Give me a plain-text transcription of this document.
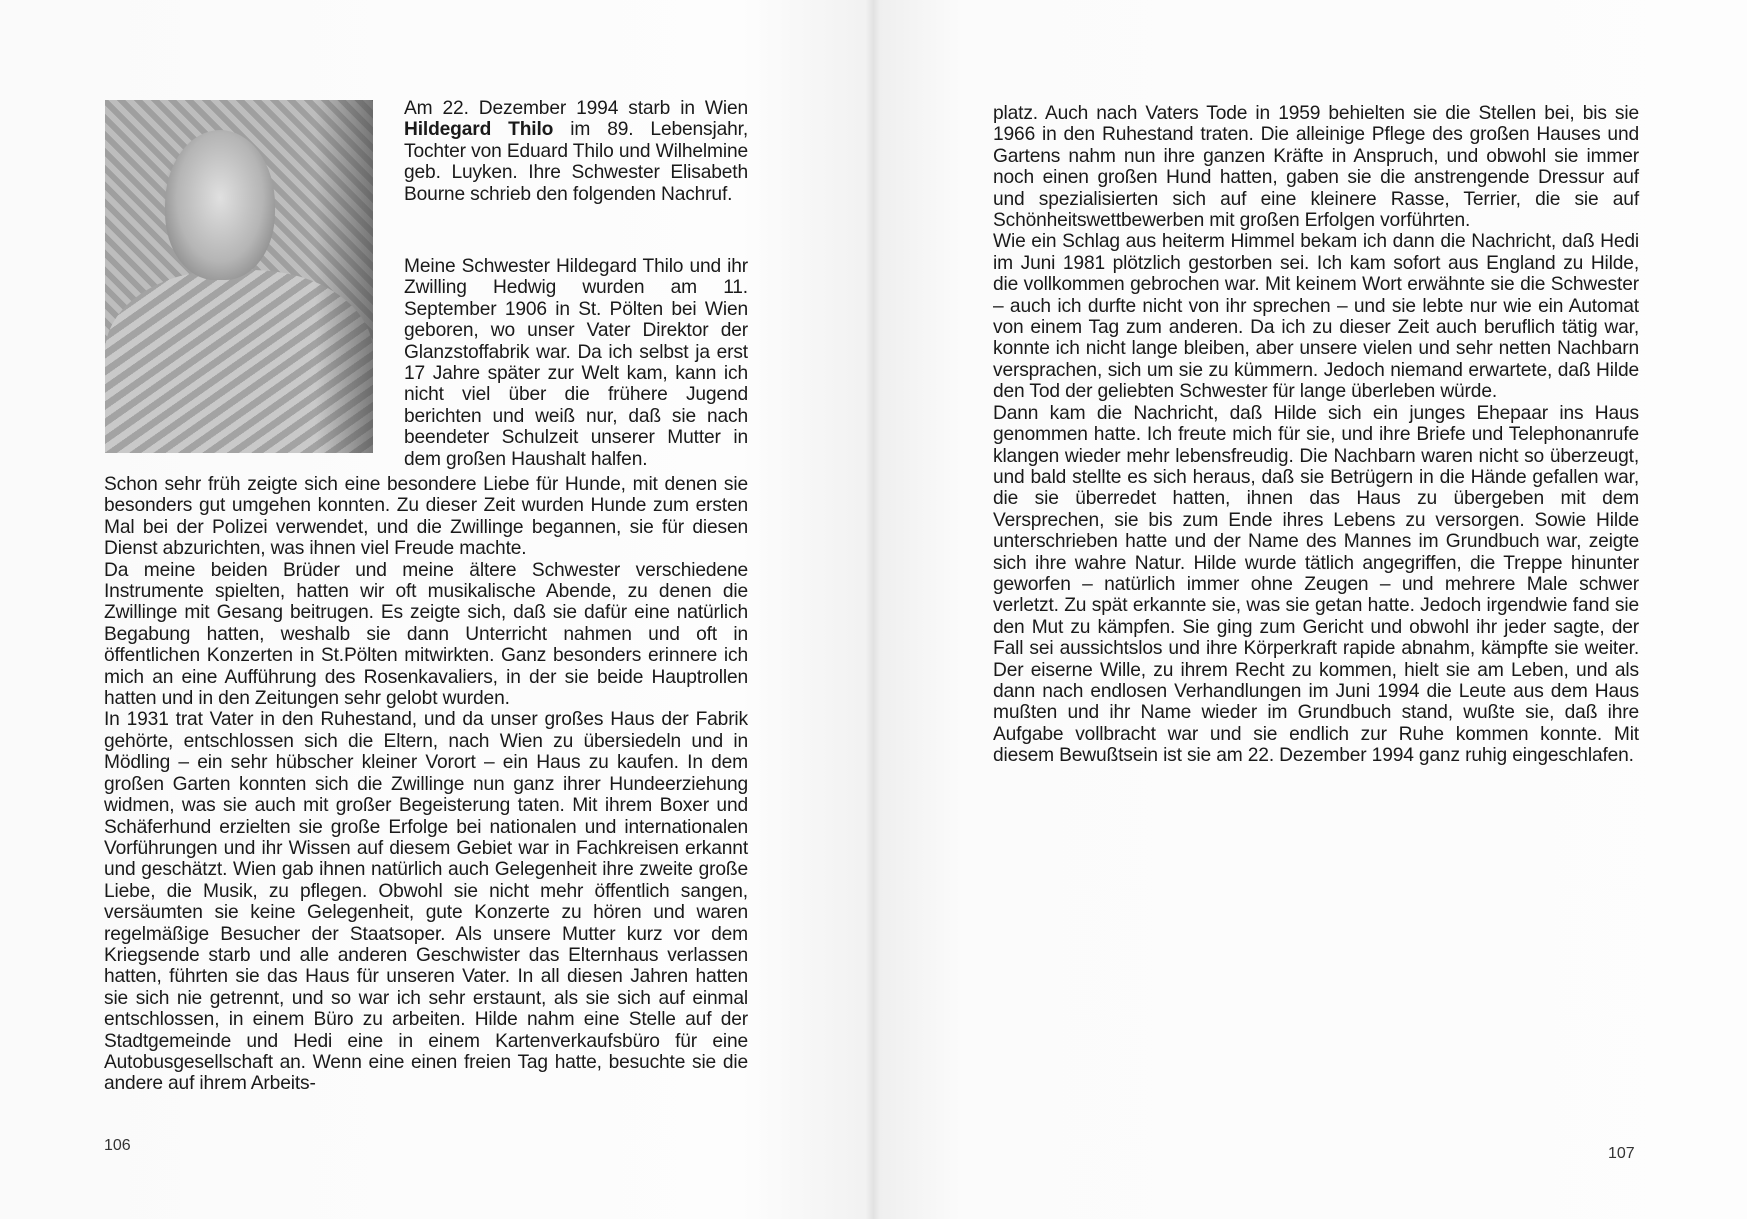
Am 22. Dezember 1994 starb in Wien Hildegard Thilo im 89. Lebensjahr, Tochter von Eduard Thilo und Wilhelmine geb. Luyken. Ihre Schwester Elisabeth Bourne schrieb den folgenden Nachruf.

Meine Schwester Hildegard Thilo und ihr Zwilling Hedwig wurden am 11. September 1906 in St. Pölten bei Wien geboren, wo unser Vater Direktor der Glanzstoffabrik war. Da ich selbst ja erst 17 Jahre später zur Welt kam, kann ich nicht viel über die frühere Jugend berichten und weiß nur, daß sie nach beendeter Schulzeit unserer Mutter in dem großen Haushalt halfen.

Schon sehr früh zeigte sich eine besondere Liebe für Hunde, mit denen sie besonders gut umgehen konnten. Zu dieser Zeit wurden Hunde zum ersten Mal bei der Polizei verwendet, und die Zwillinge begannen, sie für diesen Dienst abzurichten, was ihnen viel Freude machte.

Da meine beiden Brüder und meine ältere Schwester verschiedene Instrumente spielten, hatten wir oft musikalische Abende, zu denen die Zwillinge mit Gesang beitrugen. Es zeigte sich, daß sie dafür eine natürlich Begabung hatten, weshalb sie dann Unterricht nahmen und oft in öffentlichen Konzerten in St.Pölten mitwirkten. Ganz besonders erinnere ich mich an eine Aufführung des Rosenkavaliers, in der sie beide Hauptrollen hatten und in den Zeitungen sehr gelobt wurden.

In 1931 trat Vater in den Ruhestand, und da unser großes Haus der Fabrik gehörte, entschlossen sich die Eltern, nach Wien zu übersiedeln und in Mödling – ein sehr hübscher kleiner Vorort – ein Haus zu kaufen. In dem großen Garten konnten sich die Zwillinge nun ganz ihrer Hundeerziehung widmen, was sie auch mit großer Begeisterung taten. Mit ihrem Boxer und Schäferhund erzielten sie große Erfolge bei nationalen und internationalen Vorführungen und ihr Wissen auf diesem Gebiet war in Fachkreisen erkannt und geschätzt. Wien gab ihnen natürlich auch Gelegenheit ihre zweite große Liebe, die Musik, zu pflegen. Obwohl sie nicht mehr öffentlich sangen, versäumten sie keine Gelegenheit, gute Konzerte zu hören und waren regelmäßige Besucher der Staatsoper. Als unsere Mutter kurz vor dem Kriegsende starb und alle anderen Geschwister das Elternhaus verlassen hatten, führten sie das Haus für unseren Vater. In all diesen Jahren hatten sie sich nie getrennt, und so war ich sehr erstaunt, als sie sich auf einmal entschlossen, in einem Büro zu arbeiten. Hilde nahm eine Stelle auf der Stadtgemeinde und Hedi eine in einem Kartenverkaufsbüro für eine Autobusgesellschaft an. Wenn eine einen freien Tag hatte, besuchte sie die andere auf ihrem Arbeits-

106	107

platz. Auch nach Vaters Tode in 1959 behielten sie die Stellen bei, bis sie 1966 in den Ruhestand traten. Die alleinige Pflege des großen Hauses und Gartens nahm nun ihre ganzen Kräfte in Anspruch, und obwohl sie immer noch einen großen Hund hatten, gaben sie die anstrengende Dressur auf und spezialisierten sich auf eine kleinere Rasse, Terrier, die sie auf Schönheitswettbewerben mit großen Erfolgen vorführten.

Wie ein Schlag aus heiterm Himmel bekam ich dann die Nachricht, daß Hedi im Juni 1981 plötzlich gestorben sei. Ich kam sofort aus England zu Hilde, die vollkommen gebrochen war. Mit keinem Wort erwähnte sie die Schwester – auch ich durfte nicht von ihr sprechen – und sie lebte nur wie ein Automat von einem Tag zum anderen. Da ich zu dieser Zeit auch beruflich tätig war, konnte ich nicht lange bleiben, aber unsere vielen und sehr netten Nachbarn versprachen, sich um sie zu kümmern. Jedoch niemand erwartete, daß Hilde den Tod der geliebten Schwester für lange überleben würde.

Dann kam die Nachricht, daß Hilde sich ein junges Ehepaar ins Haus genommen hatte. Ich freute mich für sie, und ihre Briefe und Telephonanrufe klangen wieder mehr lebensfreudig. Die Nachbarn waren nicht so überzeugt, und bald stellte es sich heraus, daß sie Betrügern in die Hände gefallen war, die sie überredet hatten, ihnen das Haus zu übergeben mit dem Versprechen, sie bis zum Ende ihres Lebens zu versorgen. Sowie Hilde unterschrieben hatte und der Name des Mannes im Grundbuch war, zeigte sich ihre wahre Natur. Hilde wurde tätlich angegriffen, die Treppe hinunter geworfen – natürlich immer ohne Zeugen – und mehrere Male schwer verletzt. Zu spät erkannte sie, was sie getan hatte. Jedoch irgendwie fand sie den Mut zu kämpfen. Sie ging zum Gericht und obwohl ihr jeder sagte, der Fall sei aussichtslos und ihre Körperkraft rapide abnahm, kämpfte sie weiter. Der eiserne Wille, zu ihrem Recht zu kommen, hielt sie am Leben, und als dann nach endlosen Verhandlungen im Juni 1994 die Leute aus dem Haus mußten und ihr Name wieder im Grundbuch stand, wußte sie, daß ihre Aufgabe vollbracht war und sie endlich zur Ruhe kommen konnte. Mit diesem Bewußtsein ist sie am 22. Dezember 1994 ganz ruhig eingeschlafen.
